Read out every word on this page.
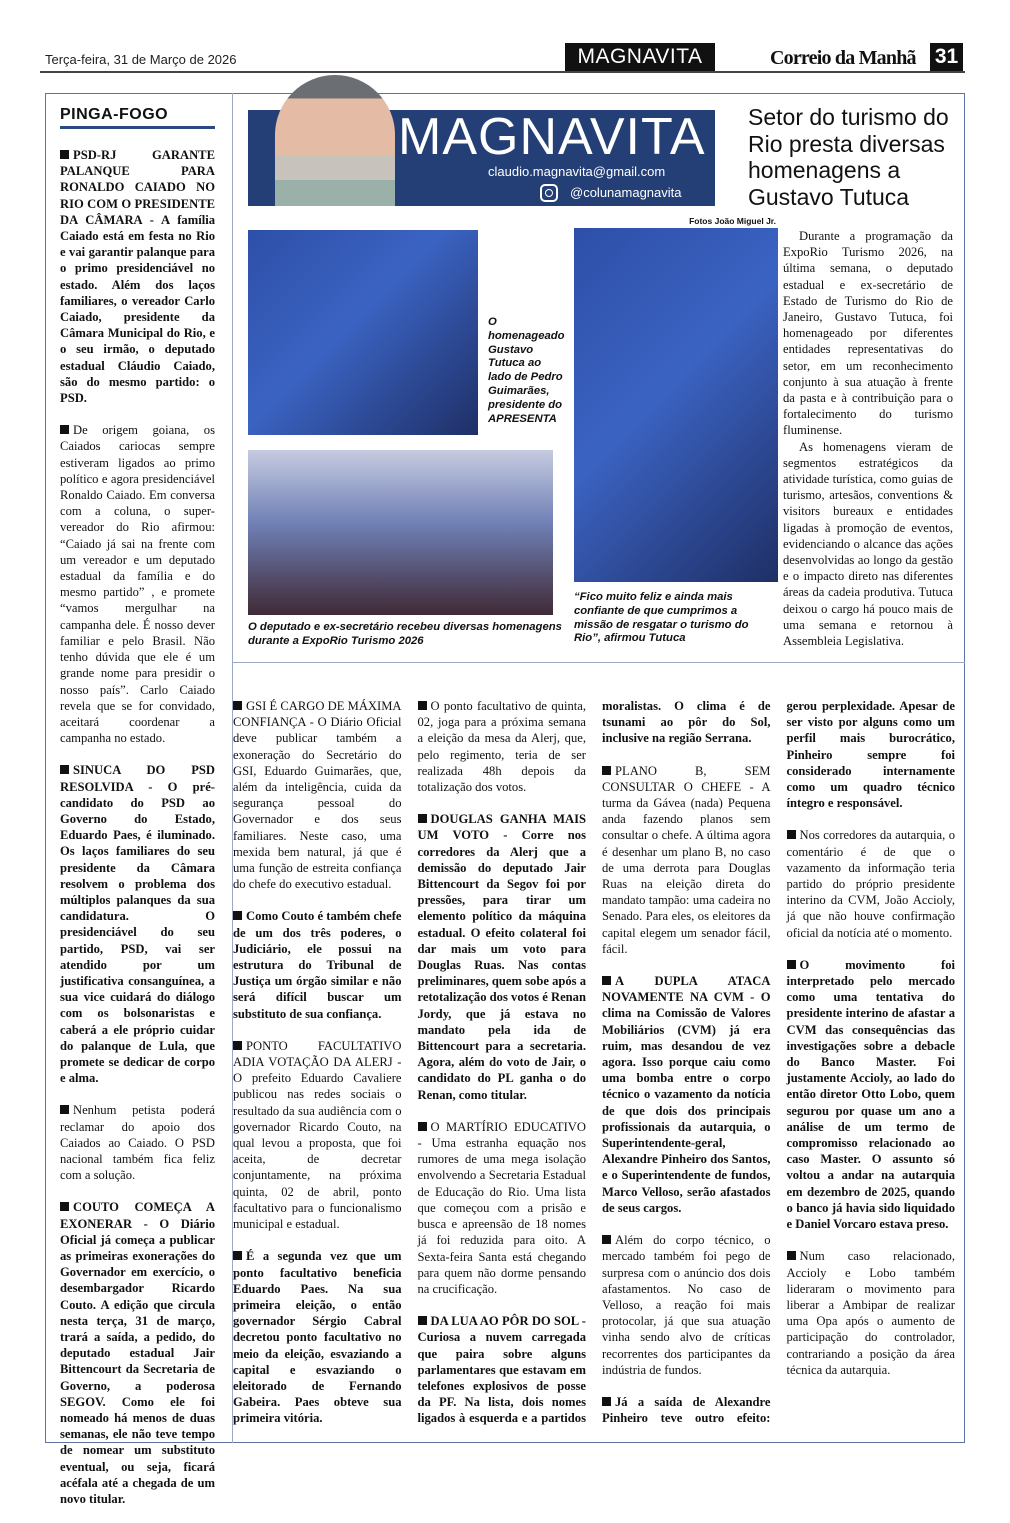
Terça-feira, 31 de Março de 2026	MAGNAVITA	Correio da Manhã 31
PINGA-FOGO

PSD-RJ GARANTE PALANQUE PARA RONALDO CAIADO NO RIO COM O PRESIDENTE DA CÂMARA - A família Caiado está em festa no Rio e vai garantir palanque para o primo presidenciável no estado. Além dos laços familiares, o vereador Carlo Caiado, presidente da Câmara Municipal do Rio, e o seu irmão, o deputado estadual Cláudio Caiado, são do mesmo partido: o PSD.

De origem goiana, os Caiados cariocas sempre estiveram ligados ao primo político e agora presidenciável Ronaldo Caiado. Em conversa com a coluna, o super-vereador do Rio afirmou: “Caiado já sai na frente com um vereador e um deputado estadual da família e do mesmo partido” , e promete “vamos mergulhar na campanha dele. É nosso dever familiar e pelo Brasil. Não tenho dúvida que ele é um grande nome para presidir o nosso país”. Carlo Caiado revela que se for convidado, aceitará coordenar a campanha no estado.

SINUCA DO PSD RESOLVIDA - O pré-candidato do PSD ao Governo do Estado, Eduardo Paes, é iluminado. Os laços familiares do seu presidente da Câmara resolvem o problema dos múltiplos palanques da sua candidatura. O presidenciável do seu partido, PSD, vai ser atendido por um justificativa consanguínea, a sua vice cuidará do diálogo com os bolsonaristas e caberá a ele próprio cuidar do palanque de Lula, que promete se dedicar de corpo e alma.

Nenhum petista poderá reclamar do apoio dos Caiados ao Caiado. O PSD nacional também fica feliz com a solução.

COUTO COMEÇA A EXONERAR - O Diário Oficial já começa a publicar as primeiras exonerações do Governador em exercício, o desembargador Ricardo Couto. A edição que circula nesta terça, 31 de março, trará a saída, a pedido, do deputado estadual Jair Bittencourt da Secretaria de Governo, a poderosa SEGOV. Como ele foi nomeado há menos de duas semanas, ele não teve tempo de nomear um substituto eventual, ou seja, ficará acéfala até a chegada de um novo titular.

MAGNAVITA
claudio.magnavita@gmail.com
@colunamagnavita
Setor do turismo do Rio presta diversas homenagens a Gustavo Tutuca
Fotos João Miguel Jr.
O homenageado Gustavo Tutuca ao lado de Pedro Guimarães, presidente do APRESENTA
O deputado e ex-secretário recebeu diversas homenagens durante a ExpoRio Turismo 2026
“Fico muito feliz e ainda mais confiante de que cumprimos a missão de resgatar o turismo do Rio”, afirmou Tutuca

Durante a programação da ExpoRio Turismo 2026, na última semana, o deputado estadual e ex-secretário de Estado de Turismo do Rio de Janeiro, Gustavo Tutuca, foi homenageado por diferentes entidades representativas do setor, em um reconhecimento conjunto à sua atuação à frente da pasta e à contribuição para o fortalecimento do turismo fluminense.

As homenagens vieram de segmentos estratégicos da atividade turística, como guias de turismo, artesãos, conventions & visitors bureaux e entidades ligadas à promoção de eventos, evidenciando o alcance das ações desenvolvidas ao longo da gestão e o impacto direto nas diferentes áreas da cadeia produtiva. Tutuca deixou o cargo há pouco mais de uma semana e retornou à Assembleia Legislativa.

GSI É CARGO DE MÁXIMA CONFIANÇA - O Diário Oficial deve publicar também a exoneração do Secretário do GSI, Eduardo Guimarães, que, além da inteligência, cuida da segurança pessoal do Governador e dos seus familiares. Neste caso, uma mexida bem natural, já que é uma função de estreita confiança do chefe do executivo estadual.

Como Couto é também chefe de um dos três poderes, o Judiciário, ele possui na estrutura do Tribunal de Justiça um órgão similar e não será difícil buscar um substituto de sua confiança.

PONTO FACULTATIVO ADIA VOTAÇÃO DA ALERJ - O prefeito Eduardo Cavaliere publicou nas redes sociais o resultado da sua audiência com o governador Ricardo Couto, na qual levou a proposta, que foi aceita, de decretar conjuntamente, na próxima quinta, 02 de abril, ponto facultativo para o funcionalismo municipal e estadual.

É a segunda vez que um ponto facultativo beneficia Eduardo Paes. Na sua primeira eleição, o então governador Sérgio Cabral decretou ponto facultativo no meio da eleição, esvaziando a capital e esvaziando o eleitorado de Fernando Gabeira. Paes obteve sua primeira vitória.

O ponto facultativo de quinta, 02, joga para a próxima semana a eleição da mesa da Alerj, que, pelo regimento, teria de ser realizada 48h depois da totalização dos votos.

DOUGLAS GANHA MAIS UM VOTO - Corre nos corredores da Alerj que a demissão do deputado Jair Bittencourt da Segov foi por pressões, para tirar um elemento político da máquina estadual. O efeito colateral foi dar mais um voto para Douglas Ruas. Nas contas preliminares, quem sobe após a retotalização dos votos é Renan Jordy, que já estava no mandato pela ida de Bittencourt para a secretaria. Agora, além do voto de Jair, o candidato do PL ganha o do Renan, como titular.

O MARTÍRIO EDUCATIVO - Uma estranha equação nos rumores de uma mega isolação envolvendo a Secretaria Estadual de Educação do Rio. Uma lista que começou com a prisão e busca e apreensão de 18 nomes já foi reduzida para oito. A Sexta-feira Santa está chegando para quem não dorme pensando na crucificação.

DA LUA AO PÔR DO SOL - Curiosa a nuvem carregada que paira sobre alguns parlamentares que estavam em telefones explosivos de posse da PF. Na lista, dois nomes ligados à esquerda e a partidos moralistas. O clima é de tsunami ao pôr do Sol, inclusive na região Serrana.

PLANO B, SEM CONSULTAR O CHEFE - A turma da Gávea (nada) Pequena anda fazendo planos sem consultar o chefe. A última agora é desenhar um plano B, no caso de uma derrota para Douglas Ruas na eleição direta do mandato tampão: uma cadeira no Senado. Para eles, os eleitores da capital elegem um senador fácil, fácil.

A DUPLA ATACA NOVAMENTE NA CVM - O clima na Comissão de Valores Mobiliários (CVM) já era ruim, mas desandou de vez agora. Isso porque caiu como uma bomba entre o corpo técnico o vazamento da notícia de que dois dos principais profissionais da autarquia, o Superintendente-geral, Alexandre Pinheiro dos Santos, e o Superintendente de fundos, Marco Velloso, serão afastados de seus cargos.

Além do corpo técnico, o mercado também foi pego de surpresa com o anúncio dos dois afastamentos. No caso de Velloso, a reação foi mais protocolar, já que sua atuação vinha sendo alvo de críticas recorrentes dos participantes da indústria de fundos.

Já a saída de Alexandre Pinheiro teve outro efeito: gerou perplexidade. Apesar de ser visto por alguns como um perfil mais burocrático, Pinheiro sempre foi considerado internamente como um quadro técnico íntegro e responsável.

Nos corredores da autarquia, o comentário é de que o vazamento da informação teria partido do próprio presidente interino da CVM, João Accioly, já que não houve confirmação oficial da notícia até o momento.

O movimento foi interpretado pelo mercado como uma tentativa do presidente interino de afastar a CVM das consequências das investigações sobre a debacle do Banco Master. Foi justamente Accioly, ao lado do então diretor Otto Lobo, quem segurou por quase um ano a análise de um termo de compromisso relacionado ao caso Master. O assunto só voltou a andar na autarquia em dezembro de 2025, quando o banco já havia sido liquidado e Daniel Vorcaro estava preso.

Num caso relacionado, Accioly e Lobo também lideraram o movimento para liberar a Ambipar de realizar uma Opa após o aumento de participação do controlador, contrariando a posição da área técnica da autarquia.
